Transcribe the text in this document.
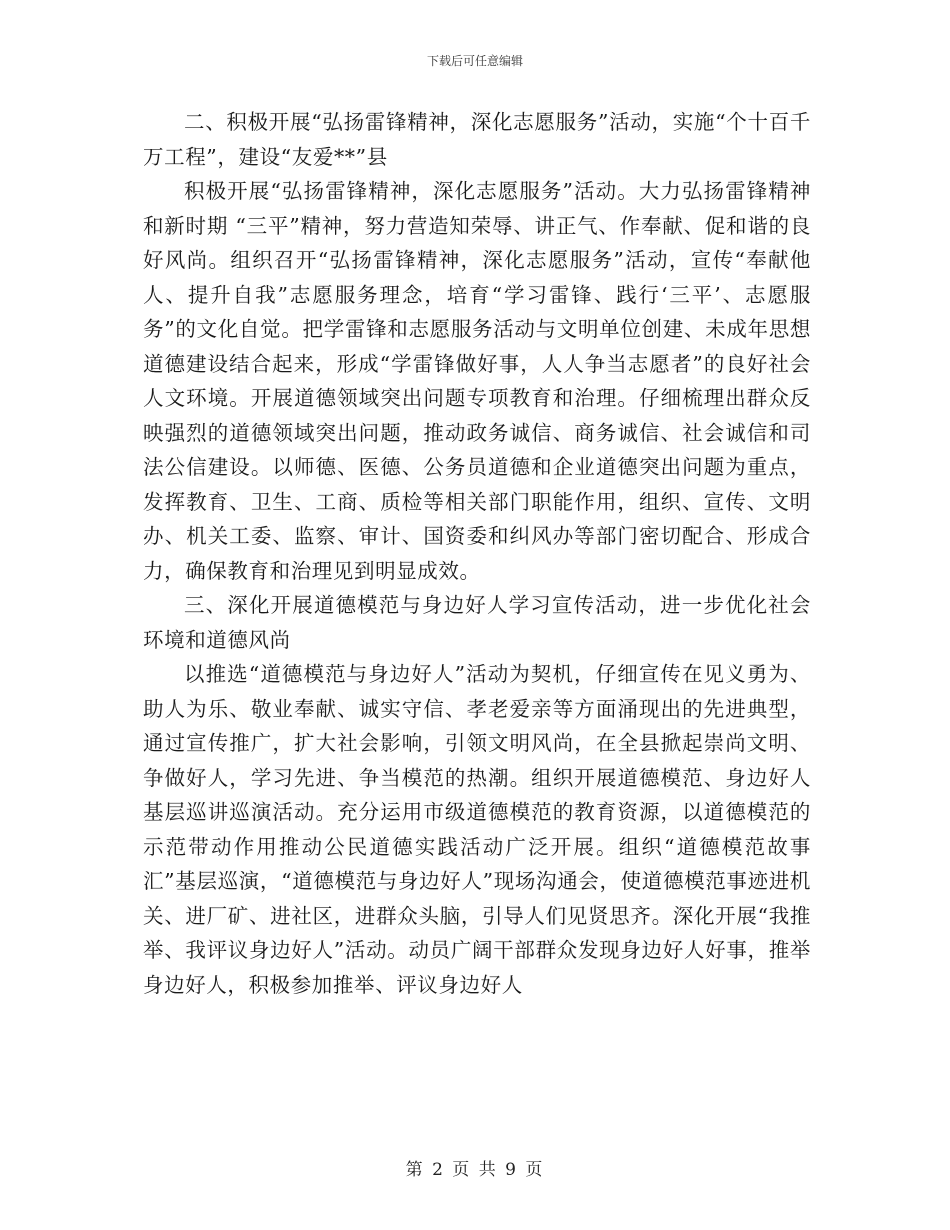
下载后可任意编辑

二、积极开展“弘扬雷锋精神，深化志愿服务”活动，实施“个十百千万工程”，建设“友爱**”县

积极开展“弘扬雷锋精神，深化志愿服务”活动。大力弘扬雷锋精神和新时期 “三平”精神，努力营造知荣辱、讲正气、作奉献、促和谐的良好风尚。组织召开“弘扬雷锋精神，深化志愿服务”活动，宣传“奉献他人、提升自我”志愿服务理念，培育“学习雷锋、践行‘三平’、志愿服务”的文化自觉。把学雷锋和志愿服务活动与文明单位创建、未成年思想道德建设结合起来，形成“学雷锋做好事，人人争当志愿者”的良好社会人文环境。开展道德领域突出问题专项教育和治理。仔细梳理出群众反映强烈的道德领域突出问题，推动政务诚信、商务诚信、社会诚信和司法公信建设。以师德、医德、公务员道德和企业道德突出问题为重点，发挥教育、卫生、工商、质检等相关部门职能作用，组织、宣传、文明办、机关工委、监察、审计、国资委和纠风办等部门密切配合、形成合力，确保教育和治理见到明显成效。

三、深化开展道德模范与身边好人学习宣传活动，进一步优化社会环境和道德风尚

以推选“道德模范与身边好人”活动为契机，仔细宣传在见义勇为、助人为乐、敬业奉献、诚实守信、孝老爱亲等方面涌现出的先进典型，通过宣传推广，扩大社会影响，引领文明风尚，在全县掀起崇尚文明、争做好人，学习先进、争当模范的热潮。组织开展道德模范、身边好人基层巡讲巡演活动。充分运用市级道德模范的教育资源，以道德模范的示范带动作用推动公民道德实践活动广泛开展。组织“道德模范故事汇”基层巡演，“道德模范与身边好人”现场沟通会，使道德模范事迹进机关、进厂矿、进社区，进群众头脑，引导人们见贤思齐。深化开展“我推举、我评议身边好人”活动。动员广阔干部群众发现身边好人好事，推举身边好人，积极参加推举、评议身边好人

第 2 页 共 9 页
